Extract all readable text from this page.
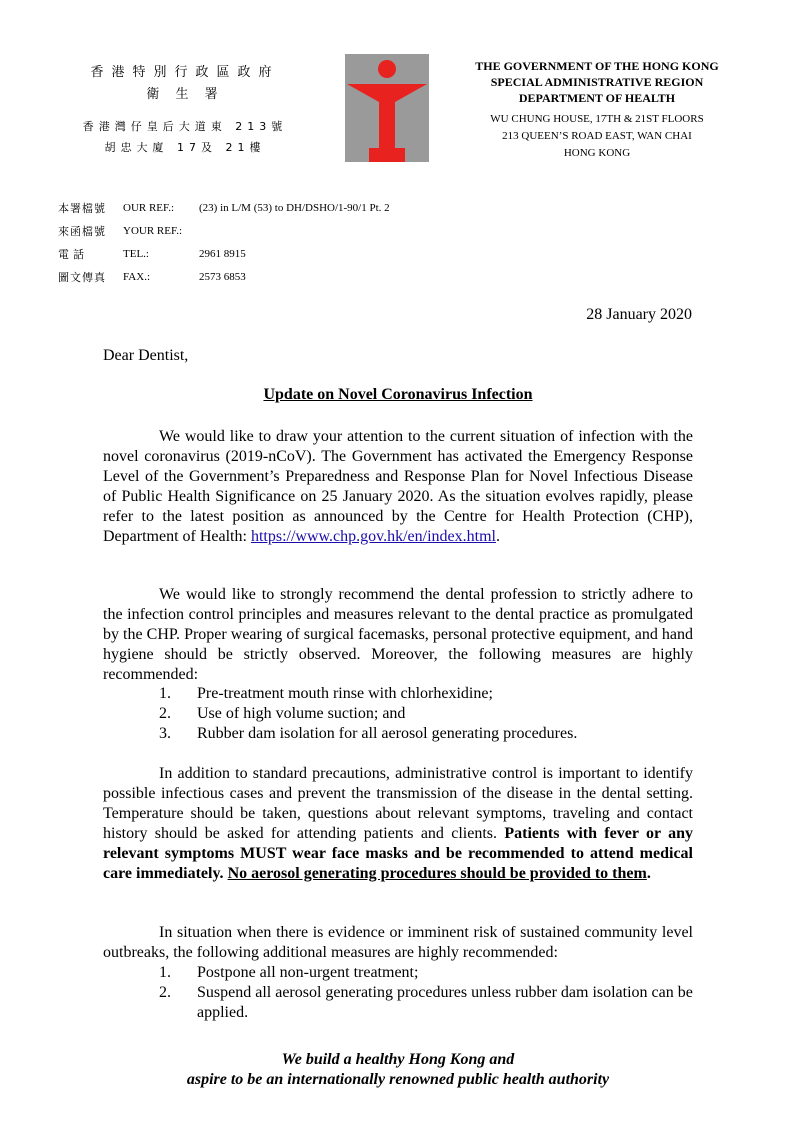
香港特別行政區政府
衛 生 署
香港灣仔皇后大道東 213號
胡忠大廈 17及 21樓
THE GOVERNMENT OF THE HONG KONG
SPECIAL ADMINISTRATIVE REGION
DEPARTMENT OF HEALTH
WU CHUNG HOUSE, 17TH & 21ST FLOORS
213 QUEEN’S ROAD EAST, WAN CHAI
HONG KONG
本署檔號	OUR REF.:	(23) in L/M (53) to DH/DSHO/1-90/1 Pt. 2
來函檔號	YOUR REF.:
電話	TEL.:	2961 8915
圖文傳真	FAX.:	2573 6853
28 January 2020
Dear Dentist,
Update on Novel Coronavirus Infection
We would like to draw your attention to the current situation of infection with the novel coronavirus (2019-nCoV). The Government has activated the Emergency Response Level of the Government’s Preparedness and Response Plan for Novel Infectious Disease of Public Health Significance on 25 January 2020. As the situation evolves rapidly, please refer to the latest position as announced by the Centre for Health Protection (CHP), Department of Health: https://www.chp.gov.hk/en/index.html.
We would like to strongly recommend the dental profession to strictly adhere to the infection control principles and measures relevant to the dental practice as promulgated by the CHP. Proper wearing of surgical facemasks, personal protective equipment, and hand hygiene should be strictly observed. Moreover, the following measures are highly recommended:
1.	Pre-treatment mouth rinse with chlorhexidine;
2.	Use of high volume suction; and
3.	Rubber dam isolation for all aerosol generating procedures.
In addition to standard precautions, administrative control is important to identify possible infectious cases and prevent the transmission of the disease in the dental setting. Temperature should be taken, questions about relevant symptoms, traveling and contact history should be asked for attending patients and clients. Patients with fever or any relevant symptoms MUST wear face masks and be recommended to attend medical care immediately. No aerosol generating procedures should be provided to them.
In situation when there is evidence or imminent risk of sustained community level outbreaks, the following additional measures are highly recommended:
1.	Postpone all non-urgent treatment;
2.	Suspend all aerosol generating procedures unless rubber dam isolation can be applied.
We build a healthy Hong Kong and
aspire to be an internationally renowned public health authority
